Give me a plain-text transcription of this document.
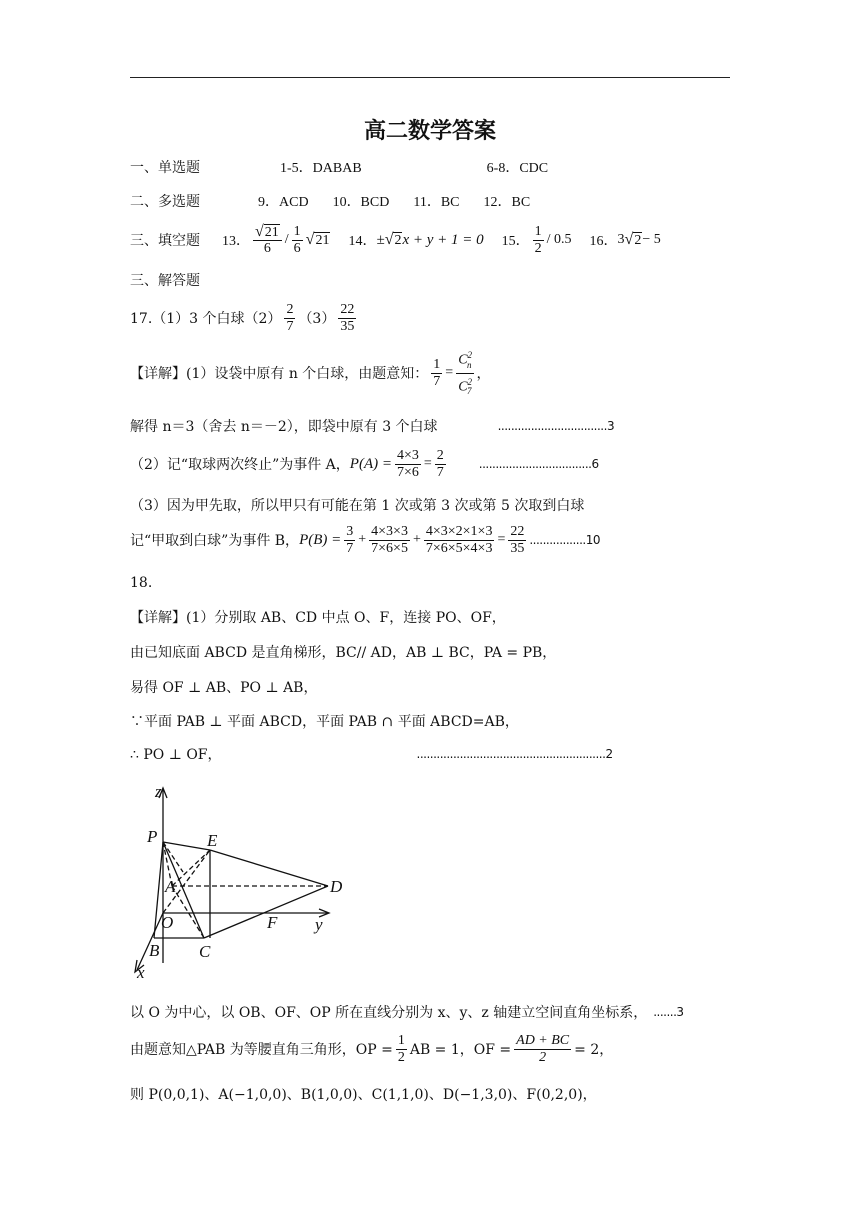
高二数学答案
一、单选题	1-5．DABAB	6-8．CDC
二、多选题	9．ACD 10．BCD 11．BC 12．BC
三、填空题 13． $\frac{√ 21}{6} / \frac{1}{6}$ √ 21 14． ± √ 2 x + y + 1 = 0 15． $\frac{1}{2} / 0.5$ 16． 3 √ 2 − 5
三、解答题
17.（1）3 个白球$(2) \frac{2}{7} (3) \frac{22}{35}$
【详解】(1）设袋中原有 n 个白球，由题意知： $\frac{1}{7} = \frac{C^2_n}{C^2_7}$ ，
解得 n＝3（舍去 n＝－2），即袋中原有 3 个白球	.................................3
（2）记“取球两次终止”为事件 A， $P(A) = \frac{4\times 3}{7\times 6} = \frac{2}{7}$	..................................6
（3）因为甲先取，所以甲只有可能在第 1 次或第 3 次或第 5 次取到白球
记“甲取到白球”为事件 B， $P(B) = \frac{3}{7} + \frac{4\times 3\times 3}{7\times 6\times 5} + \frac{4\times 3\times 2\times 1\times 3}{7\times 6\times 5\times 4\times 3} = \frac{22}{35} .................10$
18.
【详解】(1）分别取 AB、CD 中点 O、F，连接 PO、OF，
由已知底面 ABCD 是直角梯形，BC// AD，AB ⊥ BC，PA = PB，
易得 OF ⊥ AB、PO ⊥ AB，
∵平面 PAB ⊥ 平面 ABCD，平面 PAB ∩ 平面 ABCD=AB，
∴ PO ⊥ OF，	.........................................................2
z
y
x
P	E
A	D
O	F
B C
以 O 为中心，以 OB、OF、OP 所在直线分别为 x、y、z 轴建立空间直角坐标系， .......3
由题意知△PAB 为等腰直角三角形，OP = $\frac{1}{2}$ AB = 1，OF = $\frac{AD + BC}{2} = 2$，
则 P(0,0,1)、A(−1,0,0)、B(1,0,0)、C(1,1,0)、D(−1,3,0)、F(0,2,0)，
